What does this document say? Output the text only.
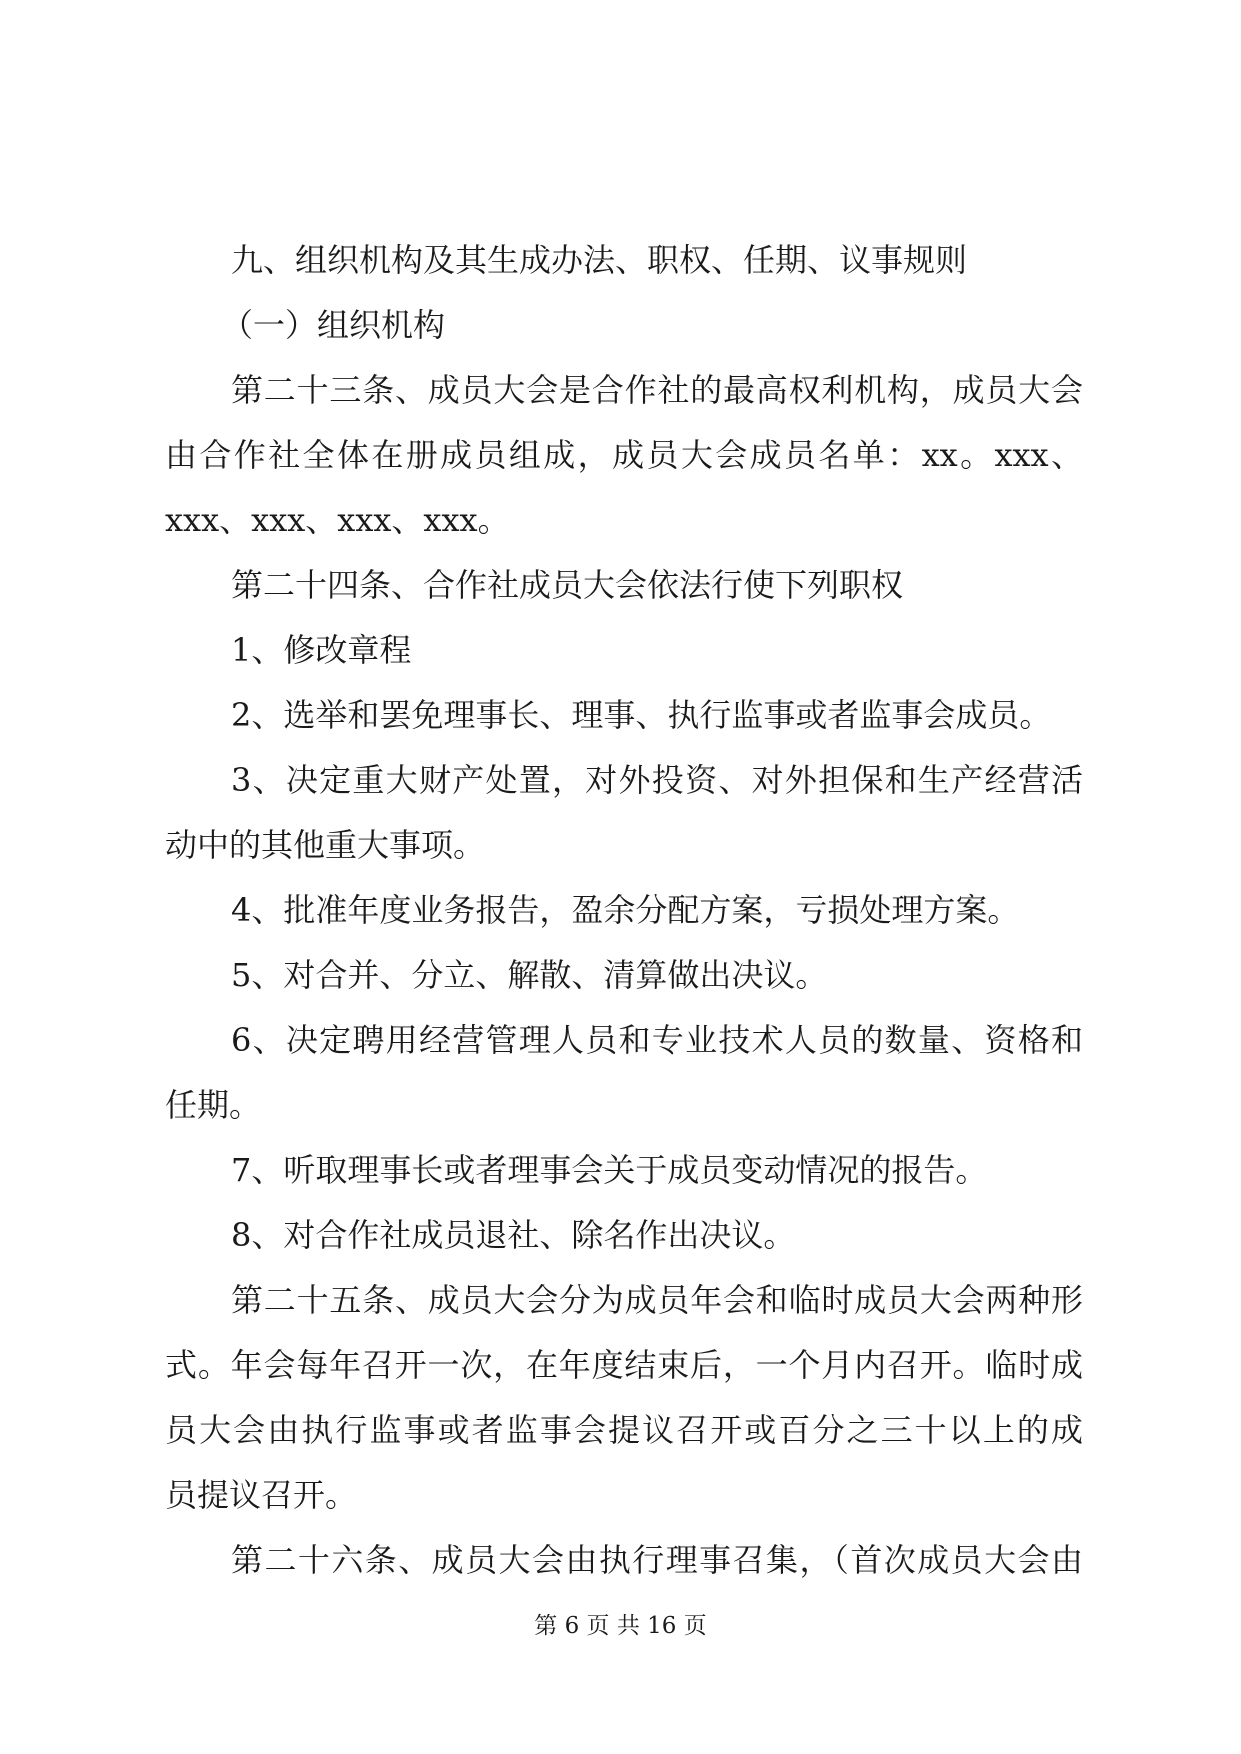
九、组织机构及其生成办法、职权、任期、议事规则
（一）组织机构
第二十三条、成员大会是合作社的最高权利机构，成员大会
由合作社全体在册成员组成，成员大会成员名单：xx。xxx、
xxx、xxx、xxx、xxx。
第二十四条、合作社成员大会依法行使下列职权
1、修改章程
2、选举和罢免理事长、理事、执行监事或者监事会成员。
3、决定重大财产处置，对外投资、对外担保和生产经营活
动中的其他重大事项。
4、批准年度业务报告，盈余分配方案，亏损处理方案。
5、对合并、分立、解散、清算做出决议。
6、决定聘用经营管理人员和专业技术人员的数量、资格和
任期。
7、听取理事长或者理事会关于成员变动情况的报告。
8、对合作社成员退社、除名作出决议。
第二十五条、成员大会分为成员年会和临时成员大会两种形
式。年会每年召开一次，在年度结束后，一个月内召开。临时成
员大会由执行监事或者监事会提议召开或百分之三十以上的成
员提议召开。
第二十六条、成员大会由执行理事召集，（首次成员大会由
第 6 页 共 16 页
